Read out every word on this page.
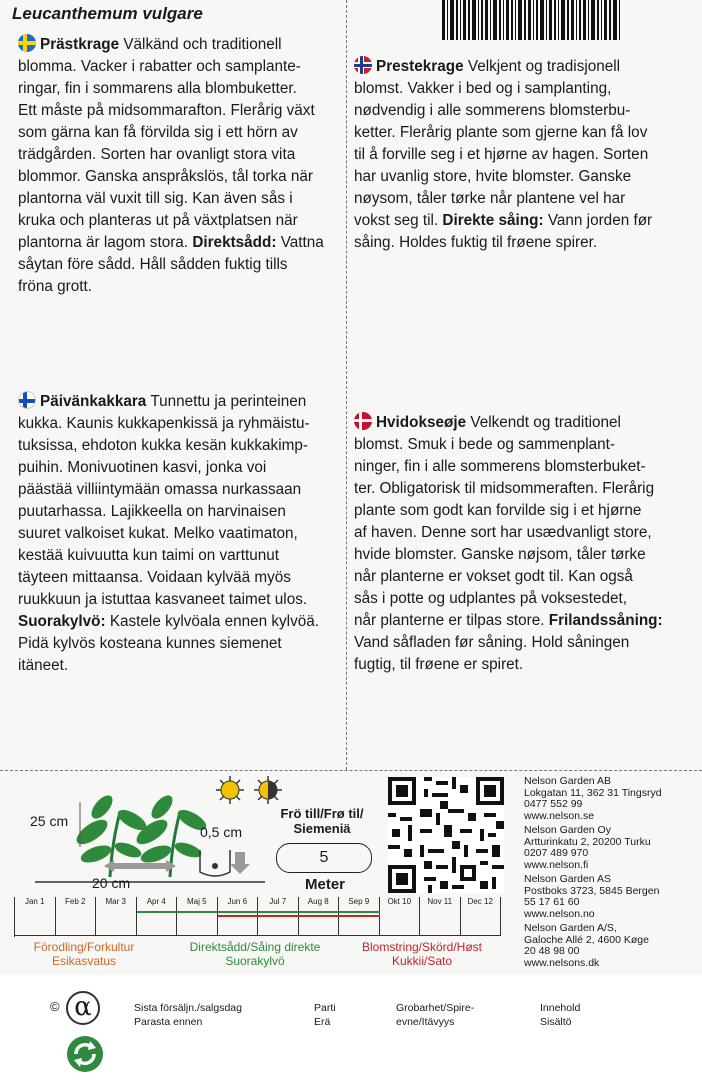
Leucanthemum vulgare
Prästkrage Välkänd och traditionell
blomma. Vacker i rabatter och samplante-
ringar, fin i sommarens alla blombuketter.
Ett måste på midsommarafton. Flerårig växt
som gärna kan få förvilda sig i ett hörn av
trädgården. Sorten har ovanligt stora vita
blommor. Ganska anspråkslös, tål torka när
plantorna väl vuxit till sig. Kan även sås i
kruka och planteras ut på växtplatsen när
plantorna är lagom stora. Direktsådd: Vattna
såytan före sådd. Håll sådden fuktig tills
fröna grott.
Prestekrage Velkjent og tradisjonell
blomst. Vakker i bed og i samplanting,
nødvendig i alle sommerens blomsterbu-
ketter. Flerårig plante som gjerne kan få lov
til å forville seg i et hjørne av hagen. Sorten
har uvanlig store, hvite blomster. Ganske
nøysom, tåler tørke når plantene vel har
vokst seg til. Direkte såing: Vann jorden før
såing. Holdes fuktig til frøene spirer.
Päivänkakkara Tunnettu ja perinteinen
kukka. Kaunis kukkapenkissä ja ryhmäistu-
tuksissa, ehdoton kukka kesän kukkakimp-
puihin. Monivuotinen kasvi, jonka voi
päästää villiintymään omassa nurkassaan
puutarhassa. Lajikkeella on harvinaisen
suuret valkoiset kukat. Melko vaatimaton,
kestää kuivuutta kun taimi on varttunut
täyteen mittaansa. Voidaan kylvää myös
ruukkuun ja istuttaa kasvaneet taimet ulos.
Suorakylvö: Kastele kylvöala ennen kylvöä.
Pidä kylvös kosteana kunnes siemenet
itäneet.
Hvidokseøje Velkendt og traditionel
blomst. Smuk i bede og sammenplant-
ninger, fin i alle sommerens blomsterbuket-
ter. Obligatorisk til midsommeraften. Flerårig
plante som godt kan forvilde sig i et hjørne
af haven. Denne sort har usædvanligt store,
hvide blomster. Ganske nøjsom, tåler tørke
når planterne er vokset godt til. Kan også
sås i potte og udplantes på voksestedet,
når planterne er tilpas store. Frilandssåning:
Vand såfladen før såning. Hold såningen
fugtig, til frøene er spiret.
25 cm
0,5 cm
20 cm
Frö till/Frø til/
Siemeniä
5
Meter
Nelson Garden AB
Lokgatan 11, 362 31 Tingsryd
0477 552 99
www.nelson.se
Nelson Garden Oy
Artturinkatu 2, 20200 Turku
0207 489 970
www.nelson.fi
Nelson Garden AS
Postboks 3723, 5845 Bergen
55 17 61 60
www.nelson.no
Nelson Garden A/S,
Galoche Allé 2, 4600 Køge
20 48 98 00
www.nelsons.dk
Jan 1	Feb 2	Mar 3	Apr 4	Maj 5	Jun 6	Jul 7	Aug 8	Sep 9	Okt 10	Nov 11	Dec 12
Förodling/Forkultur
Esikasvatus
Direktsådd/Såing direkte
Suorakylvö
Blomstring/Skörd/Høst
Kukkii/Sato
© α	Sista försäljn./salgsdag
Parasta ennen
Parti
Erä
Grobarhet/Spire-
evne/Itävyys
Innehold
Sisältö
